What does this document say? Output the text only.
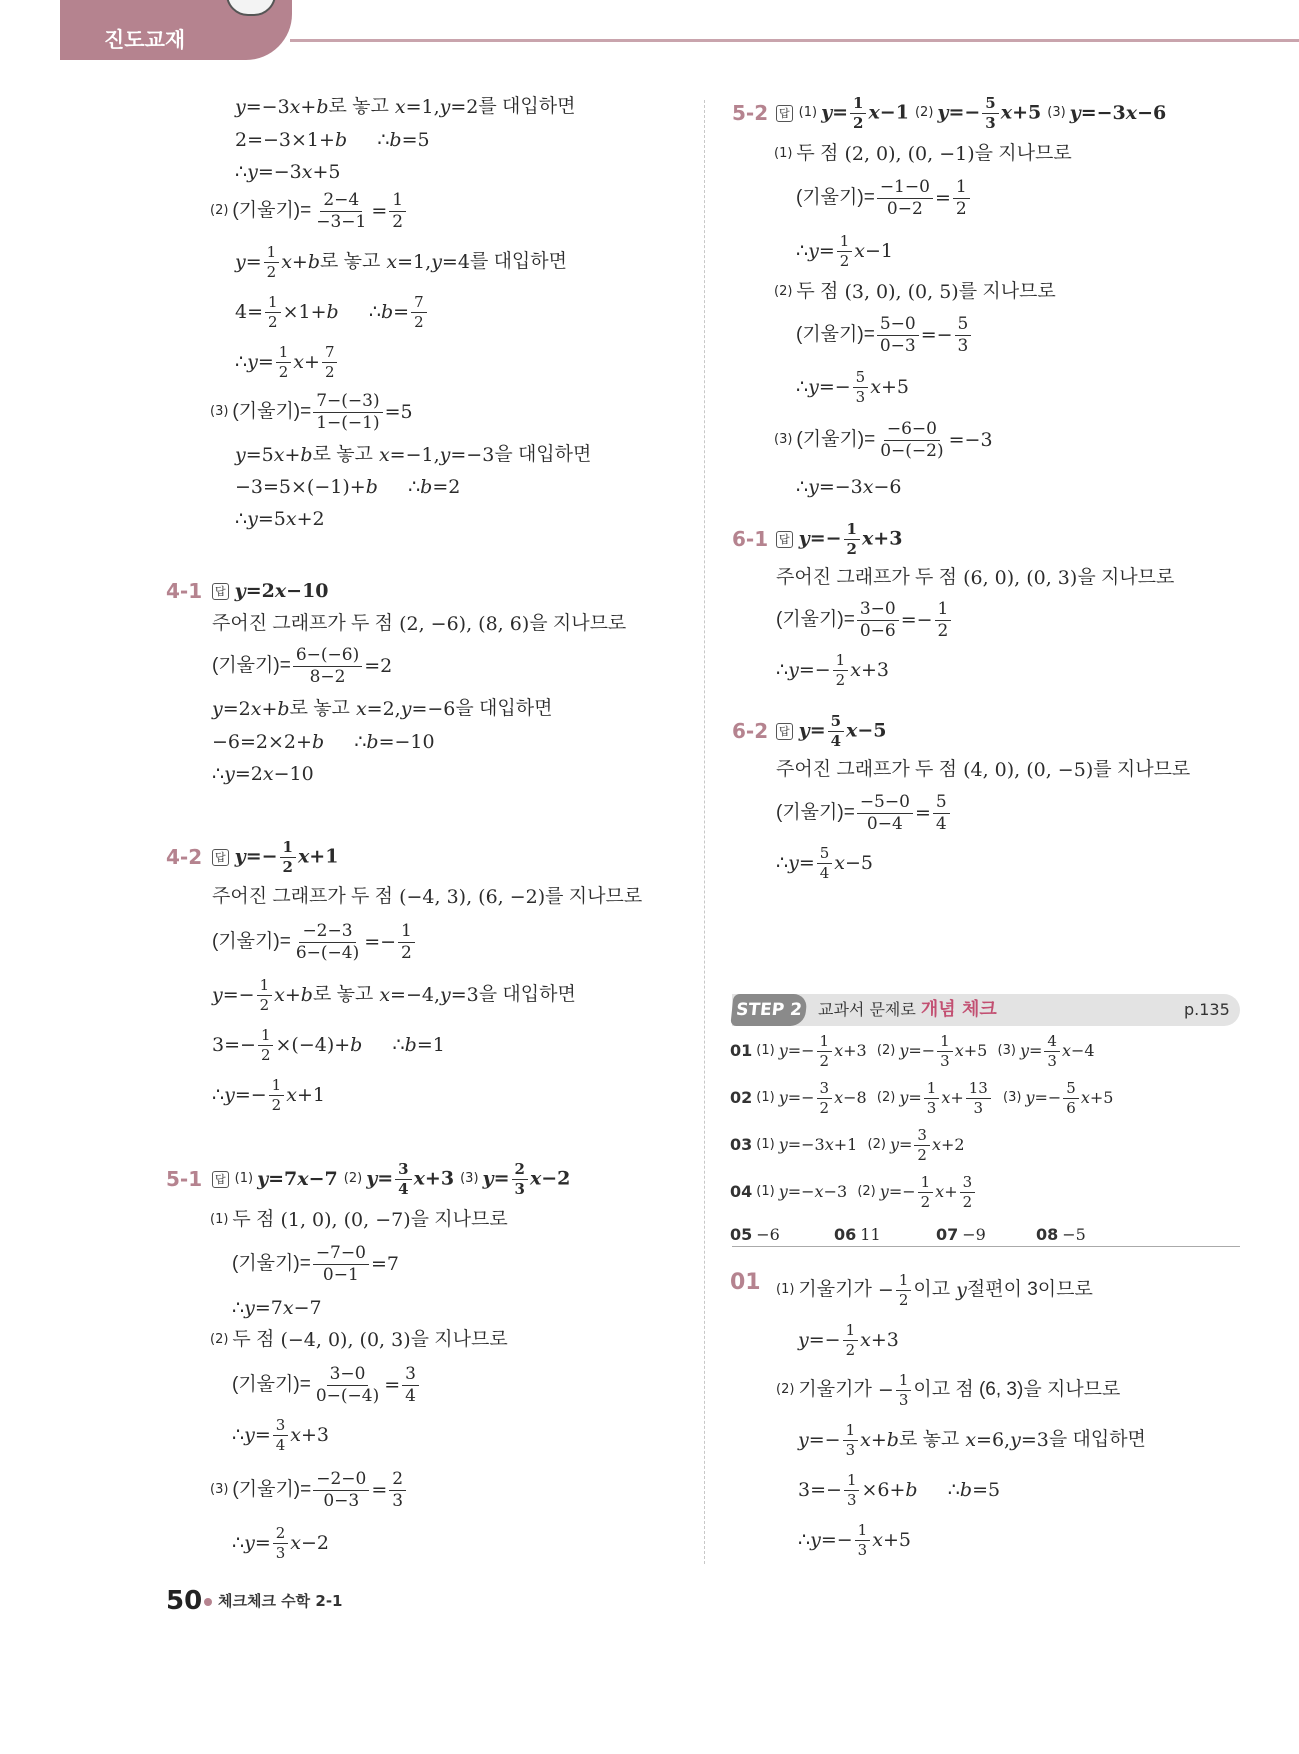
진도교재
y =−3 x + b 로 놓고
x =1, y =2 를 대입하면
2=−3×1+ b ∴ b =5
∴ y =−3 x +5
(2) (기울기)= $\frac{2-4}{-3-1}$ =
1
2
y = 1
2 x + b 로 놓고
x =1, y =4 를 대입하면
4= 1
2 ×1+ b ∴ b = 7
2
∴ y = 1
2 x + 7
2
(3) (기울기)= $\frac{7-(-3)}{1-(-1)} =5$
y =5 x + b 로 놓고
x =−1, y =−3 을 대입하면
−3=5×(−1)+ b ∴ b =2
∴ y =5 x +2
4-1 답 y=2x−10
주어진 그래프가 두 점 (2, −6), (8, 6) 을 지나므로
(기울기)= $\frac{6-(-6)}{8-2} =2$
y =2 x + b 로 놓고
x =2, y =−6 을 대입하면
−6=2×2+ b ∴ b =−10
∴ y =2 x −10
4-2 답 $y=- \frac{1}{2} x+1$
주어진 그래프가 두 점 (−4, 3), (6, −2) 를 지나므로
(기울기)= $\frac{-2-3}{6-(-4)}$ =−
1
2
y =− 1
2 x + b 로 놓고
x =−4, y =3 을 대입하면
3=− 1
2 ×(−4)+ b ∴ b =1
∴ y =− 1
2 x +1
5-1 답 (1) y=7x−7
(2) $y= \frac{3}{4} x+3$
(3) $y= \frac{2}{3} x-2$
(1) 두 점 (1, 0), (0, −7) 을 지나므로
(기울기)= $\frac{-7-0}{0-1} =7$
∴ y =7 x −7
(2) 두 점 (−4, 0), (0, 3) 을 지나므로
(기울기)= $\frac{3-0}{0-(-4)}$ =
3
4
∴ y = 3
4 x +3
(3) (기울기)= $\frac{-2-0}{0-3}$ =
2
3
∴ y = 2
3 x −2
5-2 답 (1) $y= \frac{1}{2} x-1$
(2) $y=- \frac{5}{3} x+5$
(3) y=−3x−6
(1) 두 점 (2, 0), (0, −1) 을 지나므로
(기울기)= $\frac{-1-0}{0-2}$ =
1
2
∴ y = 1
2 x −1
(2) 두 점 (3, 0), (0, 5) 를 지나므로
(기울기)= $\frac{5-0}{0-3}$ =−
5
3
∴ y =− 5
3 x +5
(3) (기울기)= $\frac{-6-0}{0-(-2)} =-3$
∴ y =−3 x −6
6-1 답 $y=- \frac{1}{2} x+3$
주어진 그래프가 두 점 (6, 0), (0, 3) 을 지나므로
(기울기)= $\frac{3-0}{0-6}$ =−
1
2
∴ y =− 1
2 x +3
6-2 답 $y= \frac{5}{4} x-5$
주어진 그래프가 두 점 (4, 0), (0, −5) 를 지나므로
(기울기)= $\frac{-5-0}{0-4}$ =
5
4
∴ y = 5
4 x −5
STEP 2 교과서 문제로 개념 체크	p.135
01 (1) y =−
1
2
x +3 (2) y =−
1
3
x +5 (3) y =
4
3
x −4
02 (1) y =−
3
2
x −8 (2) y =
1
3
x +
13
3

(3) y =−
5
6
x +5
03 (1) y =−3 x +1 (2) y =
3
2
x +2
04 (1) y =− x −3 (2) y =−
1
2
x +
3
2
05 −6	06 11	07 −9	08 −5
01 (1) 기울기가 − 1
2 이고
y 절편이 3이므로
y =− 1
2 x +3
(2) 기울기가 − 1
3 이고 점 (6, 3)을 지나므로
y =− 1
3 x + b 로 놓고
x =6, y =3 을 대입하면
3=− 1
3 ×6+ b ∴ b =5
∴ y =− 1
3 x +5
50 체크체크 수학 2-1
